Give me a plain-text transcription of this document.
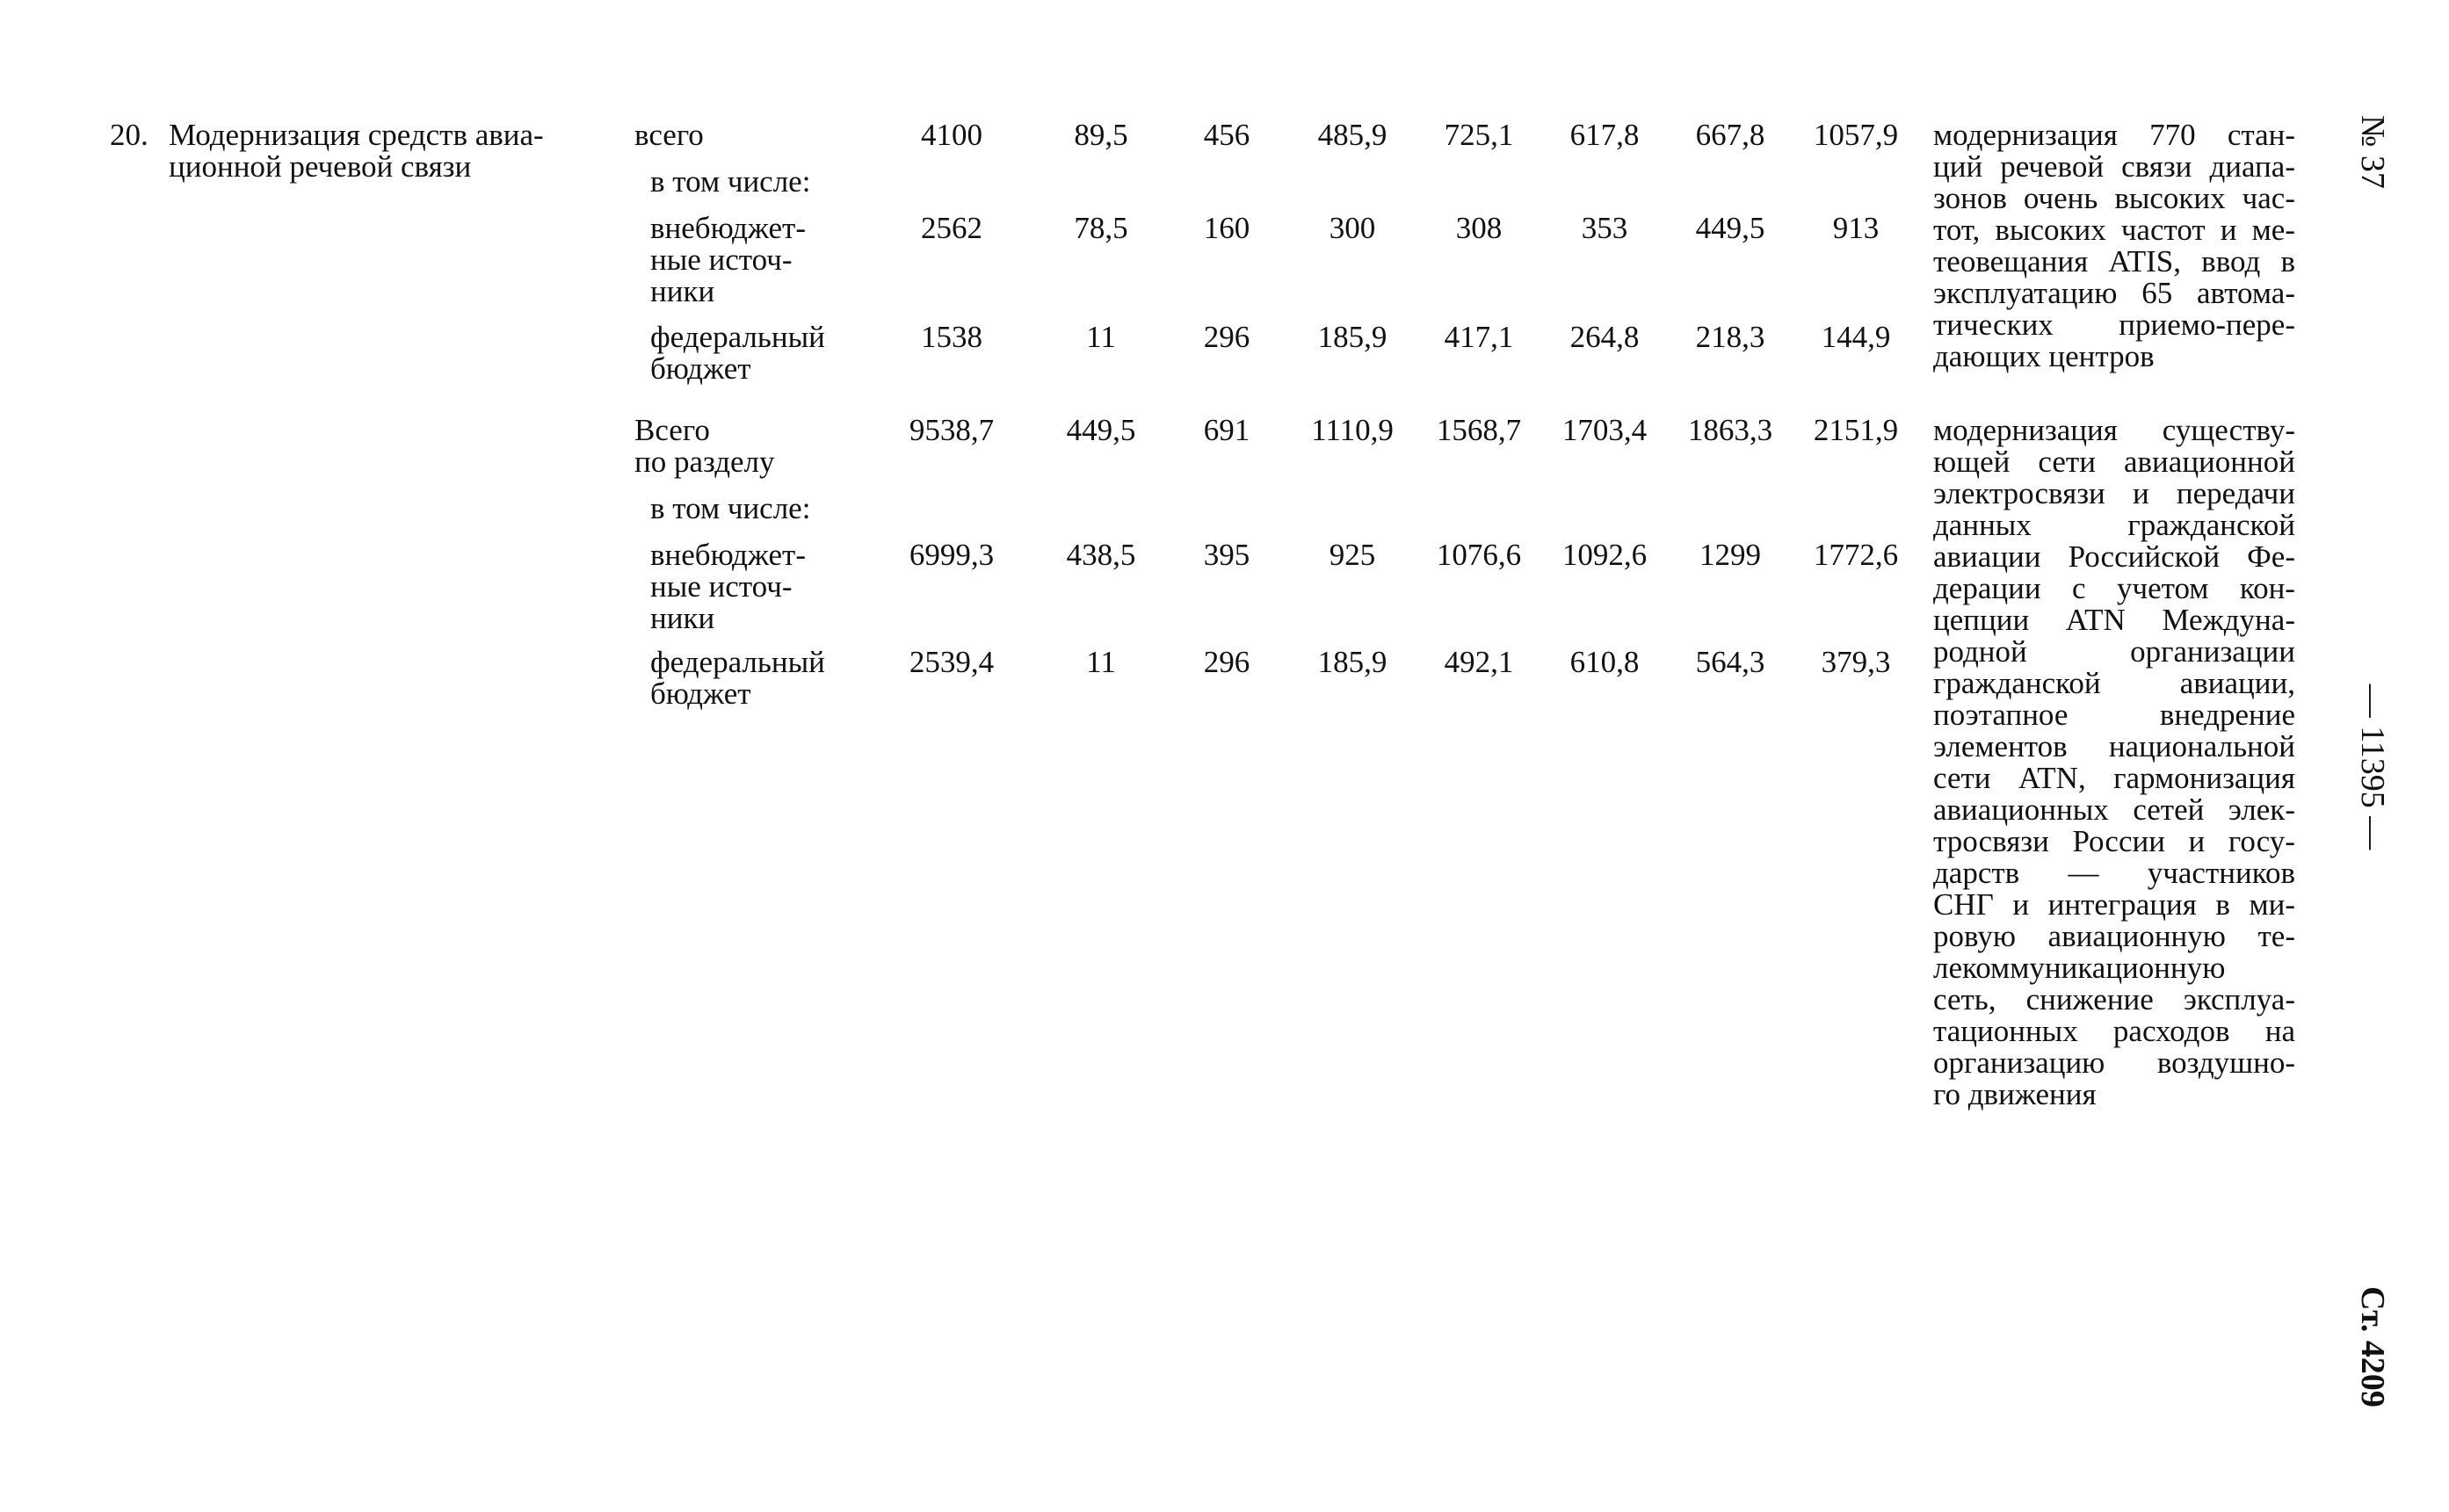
20. Модернизация средств авиа-
ционной речевой связи
всего	4100	89,5	456	485,9	725,1	617,8	667,8	1057,9
в том числе:
внебюджет-
ные источ-
ники
2562	78,5	160	300	308	353	449,5	913
федеральный
бюджет
1538	11	296	185,9	417,1	264,8	218,3	144,9
модернизация 770 стан-
ций речевой связи диапа-
зонов очень высоких час-
тот, высоких частот и ме-
теовещания ATIS, ввод в
эксплуатацию 65 автома-
тических приемо-пере-
дающих центров
Всего
по разделу
9538,7	449,5	691	1110,9	1568,7	1703,4	1863,3	2151,9
в том числе:
внебюджет-
ные источ-
ники
6999,3	438,5	395	925	1076,6	1092,6	1299	1772,6
федеральный
бюджет
2539,4	11	296	185,9	492,1	610,8	564,3	379,3
модернизация существу-
ющей сети авиационной
электросвязи и передачи
данных	гражданской
авиации Российской Фе-
дерации с учетом кон-
цепции ATN Междуна-
родной	организации
гражданской	авиации,
поэтапное	внедрение
элементов национальной
сети ATN, гармонизация
авиационных сетей элек-
тросвязи России и госу-
дарств — участников
СНГ и интеграция в ми-
ровую авиационную те-
лекоммуникационную
сеть, снижение эксплуа-
тационных расходов на
организацию воздушно-
го движения
№ 37
— 11395 —
Ст. 4209
